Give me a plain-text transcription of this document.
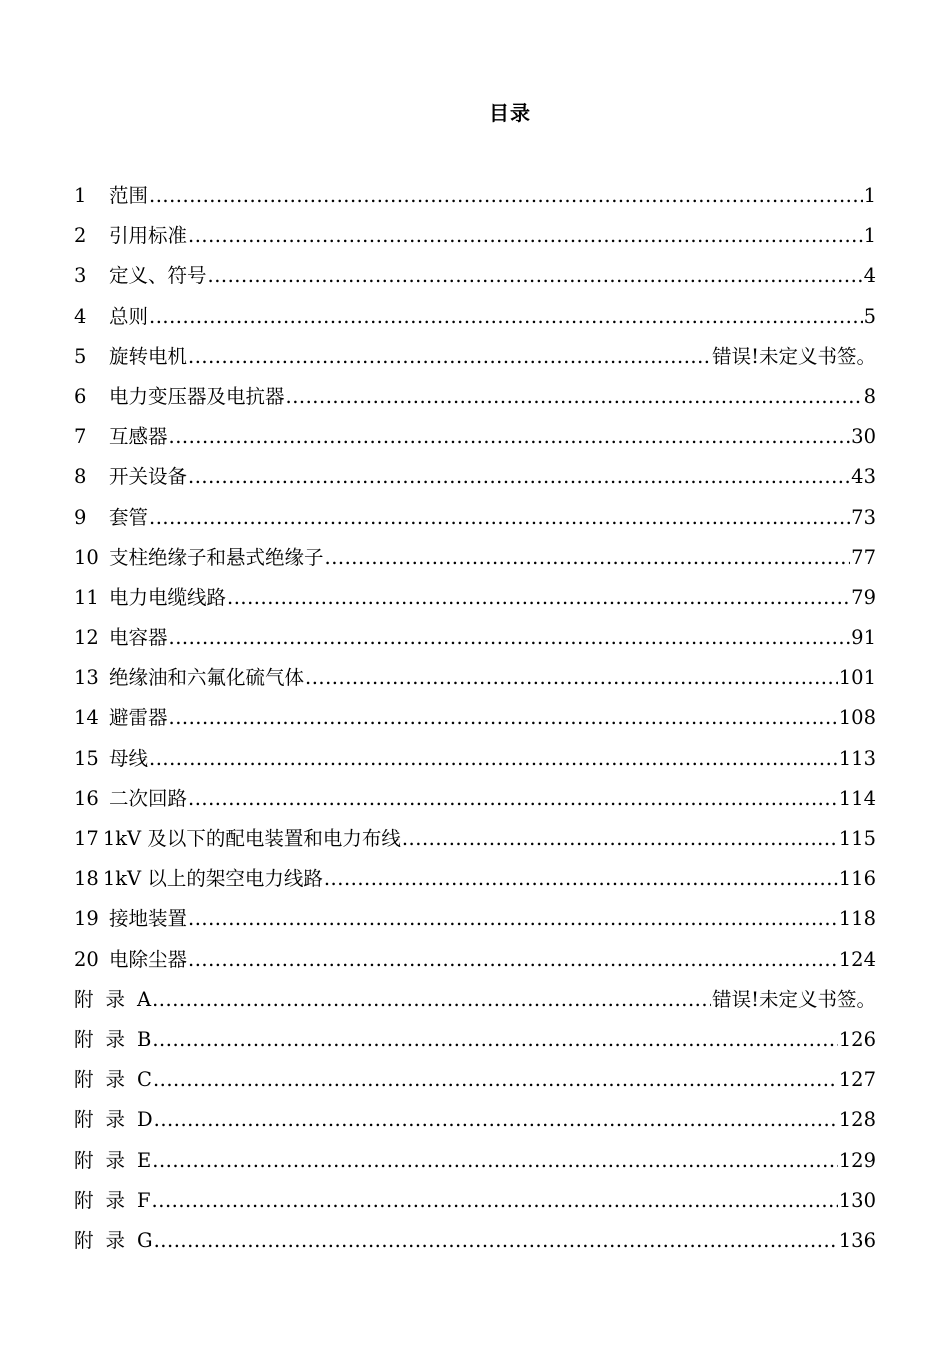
目录
1	范围 .....	1
2	引用标准 .....	1
3	定义、符号 .....	4
4	总则 .....	5
5	旋转电机 .....	错误!未定义书签。
6	电力变压器及电抗器 .....	8
7	互感器 .....	30
8	开关设备 .....	43
9	套管 .....	73
10 支柱绝缘子和悬式绝缘子 .....	77
11 电力电缆线路 .....	79
12 电容器 .....	91
13 绝缘油和六氟化硫气体 .....	101
14 避雷器 .....	108
15 母线 .....	113
16 二次回路 .....	114
17 1kV 及以下的配电装置和电力布线 .....	115
18 1kV 以上的架空电力线路 .....	116
19 接地装置 .....	118
20 电除尘器 .....	124
附录 A .....	错误!未定义书签。
附录 B .....	126
附录 C .....	127
附录 D .....	128
附录 E .....	129
附录 F .....	130
附录 G .....	136
